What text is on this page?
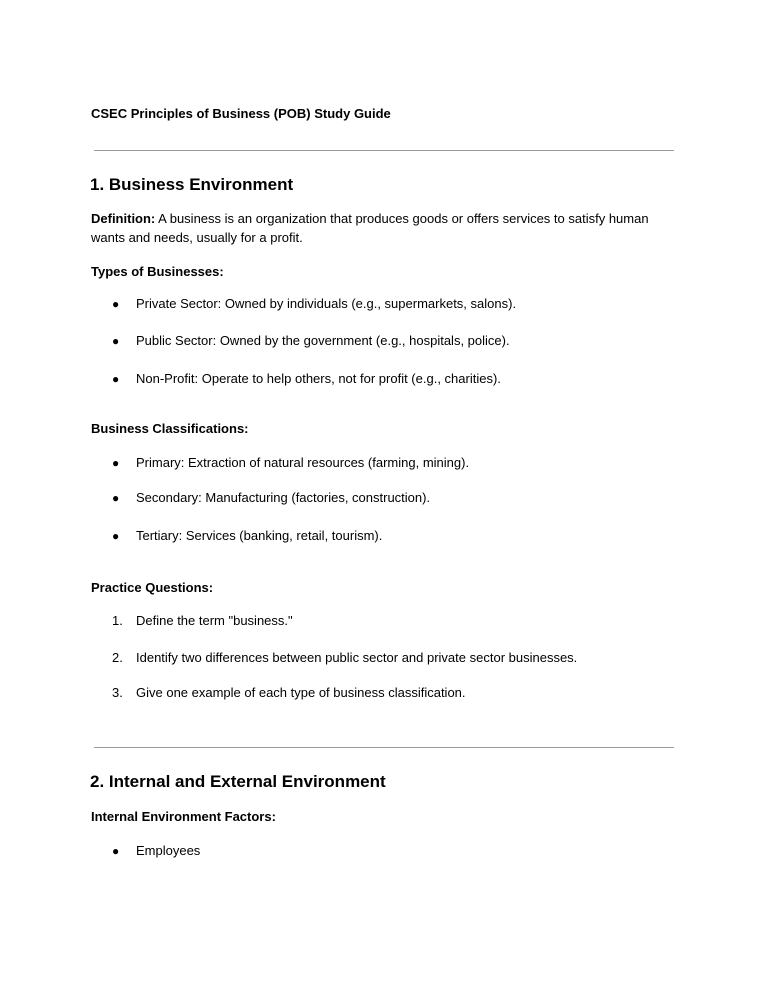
CSEC Principles of Business (POB) Study Guide
1. Business Environment
Definition: A business is an organization that produces goods or offers services to satisfy human wants and needs, usually for a profit.
Types of Businesses:
● Private Sector: Owned by individuals (e.g., supermarkets, salons).
● Public Sector: Owned by the government (e.g., hospitals, police).
● Non-Profit: Operate to help others, not for profit (e.g., charities).
Business Classifications:
● Primary: Extraction of natural resources (farming, mining).
● Secondary: Manufacturing (factories, construction).
● Tertiary: Services (banking, retail, tourism).
Practice Questions:
1. Define the term "business."
2. Identify two differences between public sector and private sector businesses.
3. Give one example of each type of business classification.
2. Internal and External Environment
Internal Environment Factors:
● Employees
